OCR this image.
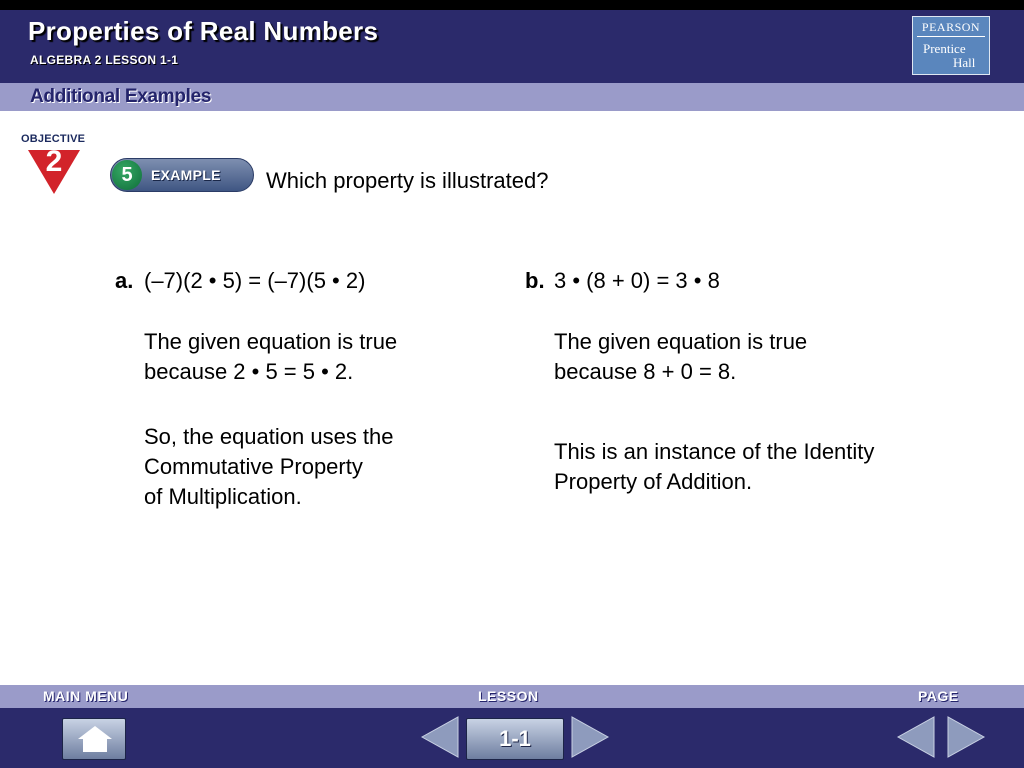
Properties of Real Numbers
ALGEBRA 2 LESSON 1-1
PEARSON
Prentice
Hall
Additional Examples
OBJECTIVE
2	5	EXAMPLE Which property is illustrated?
a. (–7)(2 • 5) = (–7)(5 • 2)
The given equation is true
because 2 • 5 = 5 • 2.
So, the equation uses the
Commutative Property
of Multiplication.
b. 3 • (8 + 0) = 3 • 8
The given equation is true
because 8 + 0 = 8.
This is an instance of the Identity
Property of Addition.
MAIN MENU	LESSON	PAGE
1-1
